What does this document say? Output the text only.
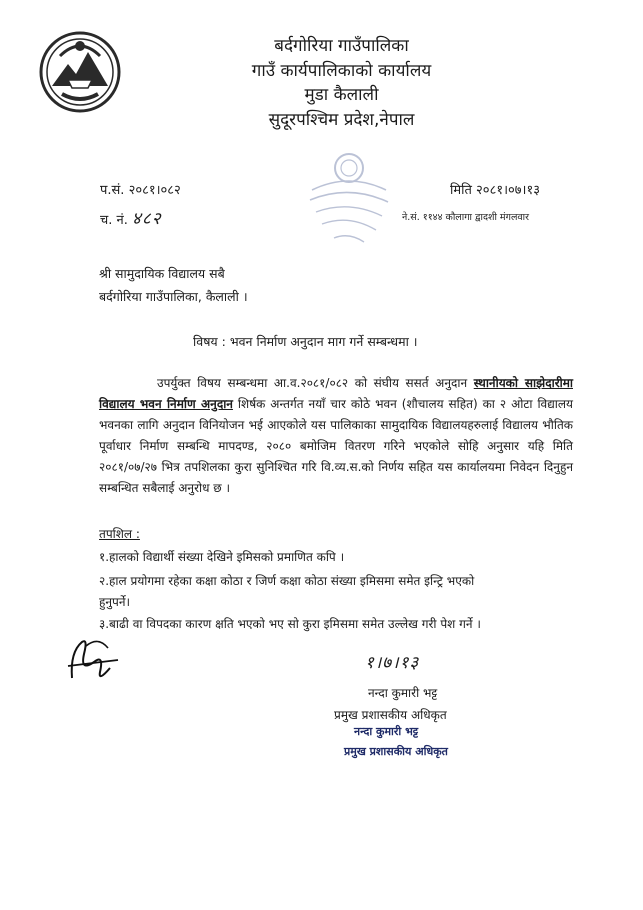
बर्दगोरिया गाउँपालिका
गाउँ कार्यपालिकाको कार्यालय
मुडा कैलाली
सुदूरपश्चिम प्रदेश,नेपाल
प.सं. २०८१।०८२
च. नं. ४८२
मिति २०८१।०७।१३
ने.सं. ११४४ कौलागा द्वादशी मंगलवार
श्री सामुदायिक विद्यालय सबै
बर्दगोरिया गाउँपालिका, कैलाली ।
विषय : भवन निर्माण अनुदान माग गर्ने सम्बन्धमा ।
उपर्युक्त विषय सम्बन्धमा आ.व.२०८१/०८२ को संघीय ससर्त अनुदान स्थानीयको साझेदारीमा विद्यालय भवन निर्माण अनुदान शिर्षक अन्तर्गत नयाँ चार कोठे भवन (शौचालय सहित) का २ ओटा विद्यालय भवनका लागि अनुदान विनियोजन भई आएकोले यस पालिकाका सामुदायिक विद्यालयहरुलाई विद्यालय भौतिक पूर्वाधार निर्माण सम्बन्धि मापदण्ड, २०८० बमोजिम वितरण गरिने भएकोले सोहि अनुसार यहि मिति २०८१/०७/२७ भित्र तपशिलका कुरा सुनिश्चित गरि वि.व्य.स.को निर्णय सहित यस कार्यालयमा निवेदन दिनुहुन सम्बन्धित सबैलाई अनुरोध छ ।
तपशिल :
१.हालको विद्यार्थी संख्या देखिने इमिसको प्रमाणित कपि ।
२.हाल प्रयोगमा रहेका कक्षा कोठा र जिर्ण कक्षा कोठा संख्या इमिसमा समेत इन्ट्रि भएको
हुनुपर्ने।
३.बाढी वा विपदका कारण क्षति भएको भए सो कुरा इमिसमा समेत उल्लेख गरी पेश गर्ने ।
१।७।१३
नन्दा कुमारी भट्ट
प्रमुख प्रशासकीय अधिकृत
नन्दा कुमारी भट्ट
प्रमुख प्रशासकीय अधिकृत
